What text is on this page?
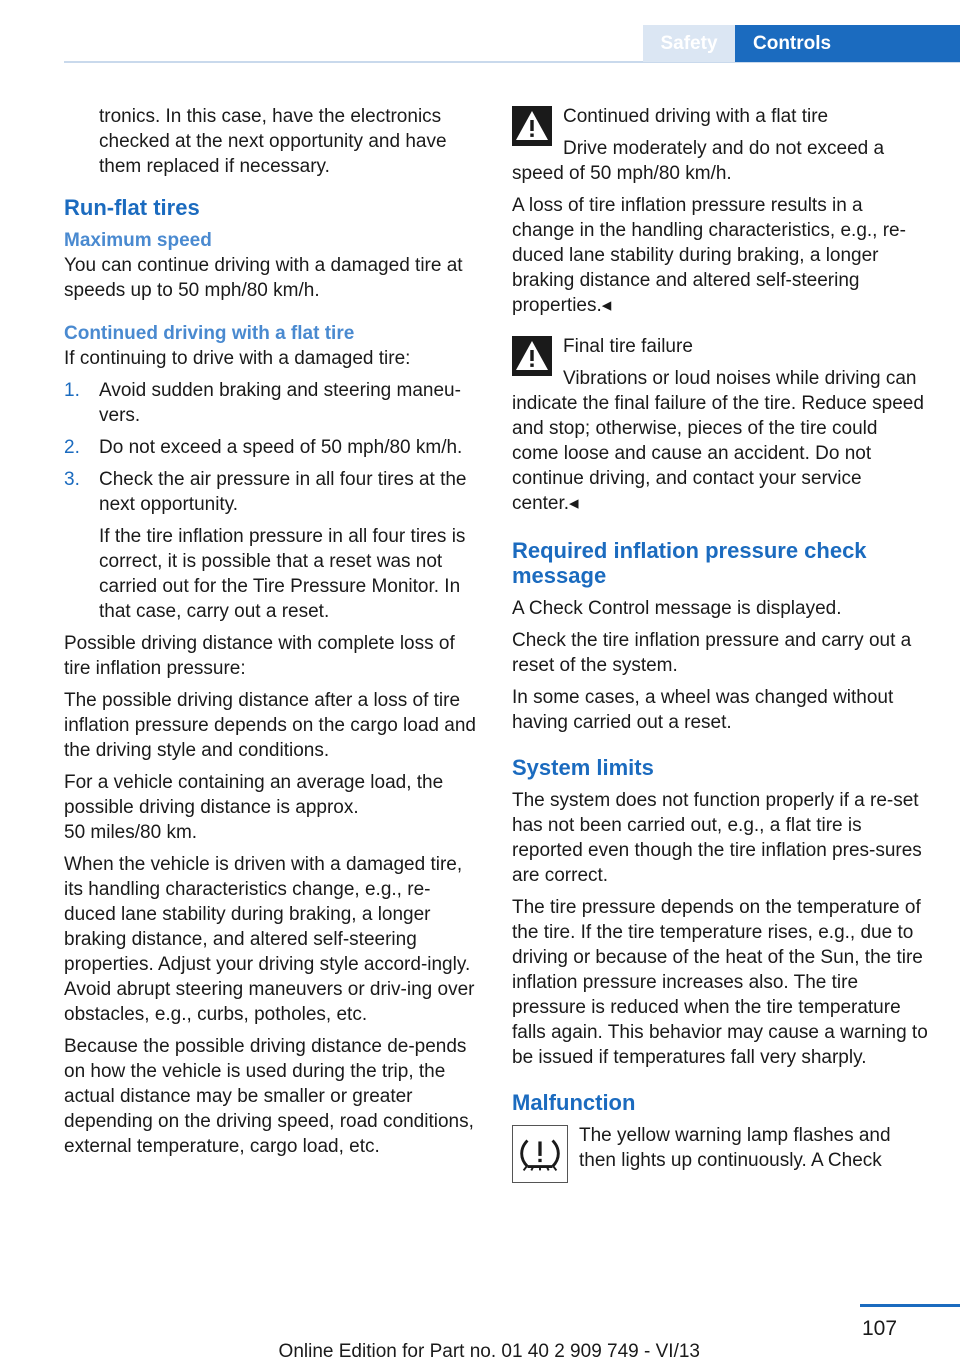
Safety	Controls

tronics. In this case, have the electronics checked at the next opportunity and have them replaced if necessary.

Run-flat tires
Maximum speed

You can continue driving with a damaged tire at speeds up to 50 mph/80 km/h.

Continued driving with a flat tire

If continuing to drive with a damaged tire:

1. Avoid sudden braking and steering maneu‐vers.
2. Do not exceed a speed of 50 mph/80 km/h.
3. Check the air pressure in all four tires at the next opportunity.
If the tire inflation pressure in all four tires is correct, it is possible that a reset was not carried out for the Tire Pressure Monitor. In that case, carry out a reset.

Possible driving distance with complete loss of tire inflation pressure:

The possible driving distance after a loss of tire inflation pressure depends on the cargo load and the driving style and conditions.

For a vehicle containing an average load, the possible driving distance is approx.
50 miles/80 km.

When the vehicle is driven with a damaged tire, its handling characteristics change, e.g., re‐duced lane stability during braking, a longer braking distance, and altered self-steering properties. Adjust your driving style accord‐ingly. Avoid abrupt steering maneuvers or driv‐ing over obstacles, e.g., curbs, potholes, etc.

Because the possible driving distance de‐pends on how the vehicle is used during the trip, the actual distance may be smaller or greater depending on the driving speed, road conditions, external temperature, cargo load, etc.

Continued driving with a flat tire

Drive moderately and do not exceed a speed of 50 mph/80 km/h.

A loss of tire inflation pressure results in a change in the handling characteristics, e.g., re‐duced lane stability during braking, a longer braking distance and altered self-steering properties.◂

Final tire failure

Vibrations or loud noises while driving can indicate the final failure of the tire. Reduce speed and stop; otherwise, pieces of the tire could come loose and cause an accident. Do not continue driving, and contact your service center.◂

Required inflation pressure check message

A Check Control message is displayed.

Check the tire inflation pressure and carry out a reset of the system.

In some cases, a wheel was changed without having carried out a reset.

System limits

The system does not function properly if a re‐set has not been carried out, e.g., a flat tire is reported even though the tire inflation pres‐sures are correct.

The tire pressure depends on the temperature of the tire. If the tire temperature rises, e.g., due to driving or because of the heat of the Sun, the tire inflation pressure increases also. The tire pressure is reduced when the tire temperature falls again. This behavior may cause a warning to be issued if temperatures fall very sharply.

Malfunction

The yellow warning lamp flashes and then lights up continuously. A Check

107
Online Edition for Part no. 01 40 2 909 749 - VI/13
